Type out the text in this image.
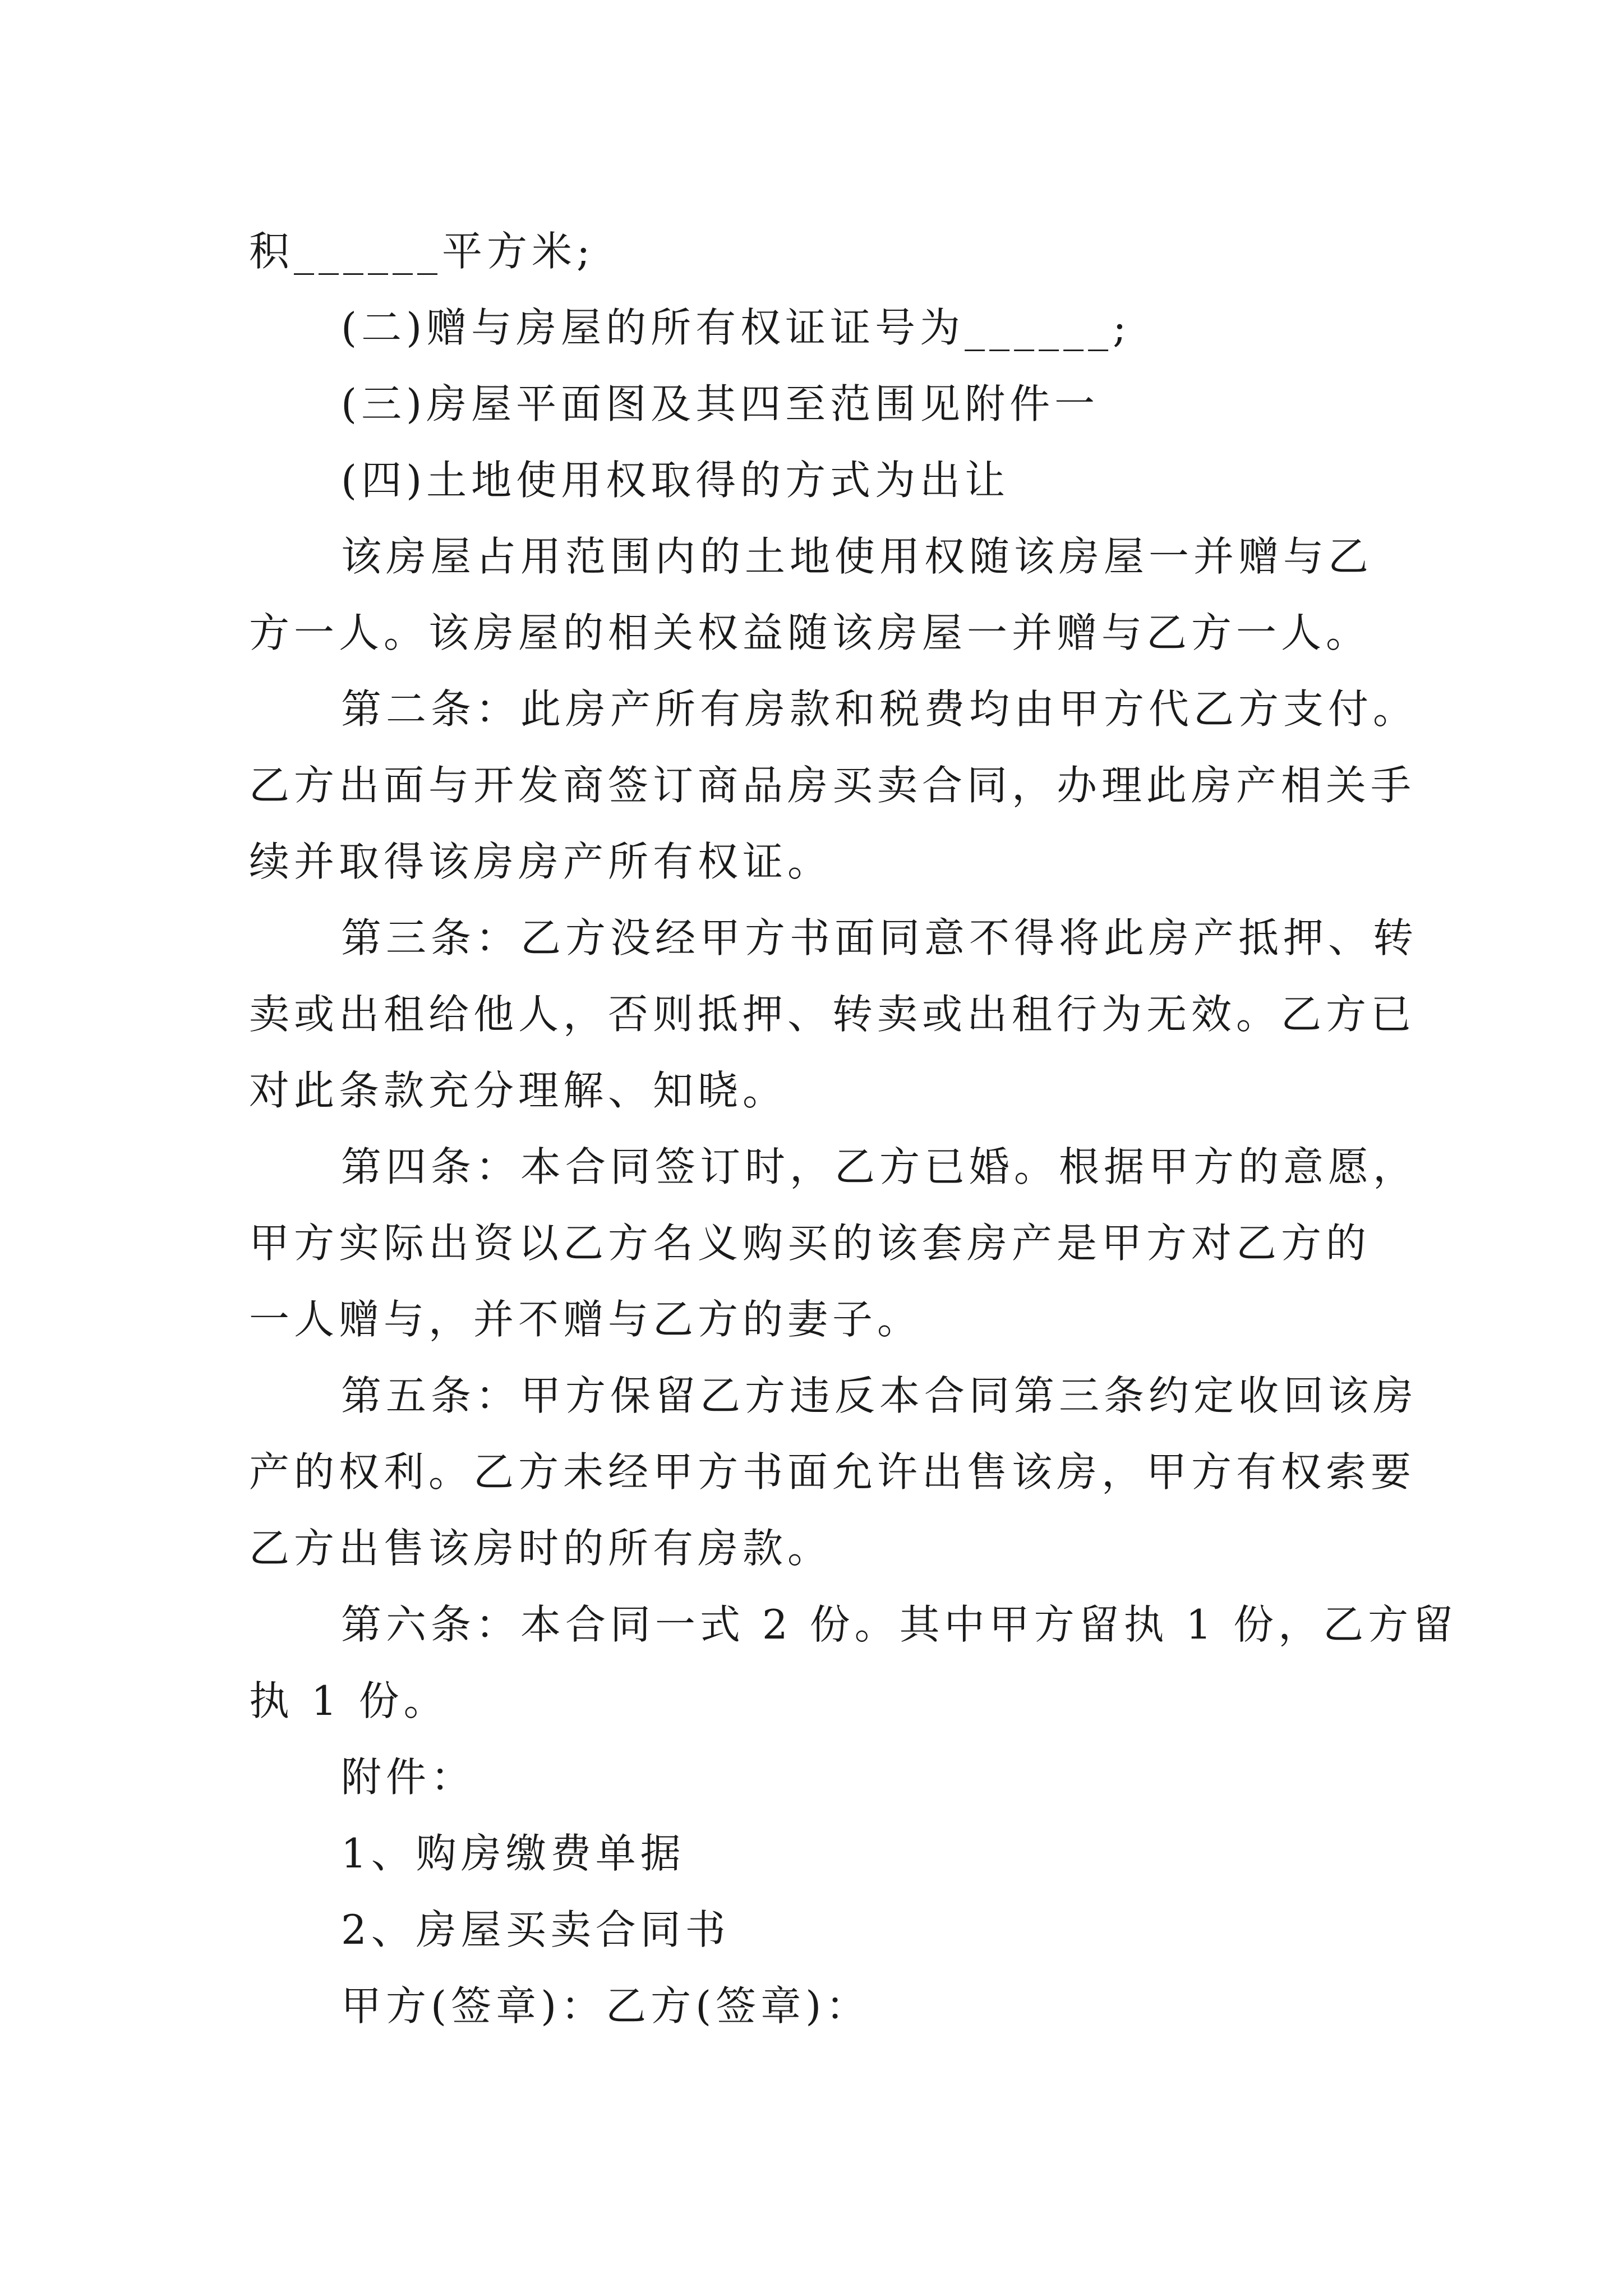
积______平方米;
(二)赠与房屋的所有权证证号为______;
(三)房屋平面图及其四至范围见附件一
(四)土地使用权取得的方式为出让
该房屋占用范围内的土地使用权随该房屋一并赠与乙
方一人。该房屋的相关权益随该房屋一并赠与乙方一人。
第二条：此房产所有房款和税费均由甲方代乙方支付。
乙方出面与开发商签订商品房买卖合同，办理此房产相关手
续并取得该房房产所有权证。
第三条：乙方没经甲方书面同意不得将此房产抵押、转
卖或出租给他人，否则抵押、转卖或出租行为无效。乙方已
对此条款充分理解、知晓。
第四条：本合同签订时，乙方已婚。根据甲方的意愿，
甲方实际出资以乙方名义购买的该套房产是甲方对乙方的
一人赠与，并不赠与乙方的妻子。
第五条：甲方保留乙方违反本合同第三条约定收回该房
产的权利。乙方未经甲方书面允许出售该房，甲方有权索要
乙方出售该房时的所有房款。
第六条：本合同一式 2 份。其中甲方留执 1 份，乙方留
执 1 份。
附件：
1、购房缴费单据
2、房屋买卖合同书
甲方(签章)：乙方(签章)：
